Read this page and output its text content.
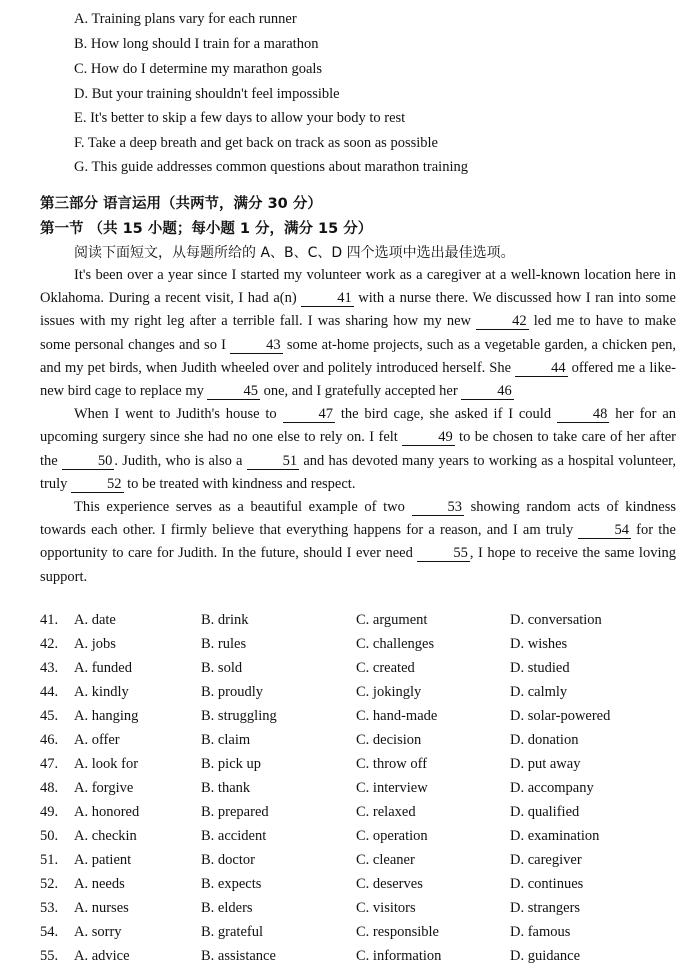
A. Training plans vary for each runner
B. How long should I train for a marathon
C. How do I determine my marathon goals
D. But your training shouldn't feel impossible
E. It's better to skip a few days to allow your body to rest
F. Take a deep breath and get back on track as soon as possible
G. This guide addresses common questions about marathon training
第三部分 语言运用（共两节，满分 30 分）
第一节 （共 15 小题；每小题 1 分，满分 15 分）
阅读下面短文，从每题所给的 A、B、C、D 四个选项中选出最佳选项。

It's been over a year since I started my volunteer work as a caregiver at a well-known location here in Oklahoma. During a recent visit, I had a(n) 41 with a nurse there. We discussed how I ran into some issues with my right leg after a terrible fall. I was sharing how my new 42 led me to have to make some personal changes and so I 43 some at-home projects, such as a vegetable garden, a chicken pen, and my pet birds, when Judith wheeled over and politely introduced herself. She 44 offered me a like-new bird cage to replace my 45 one, and I gratefully accepted her 46

When I went to Judith's house to 47 the bird cage, she asked if I could 48 her for an upcoming surgery since she had no one else to rely on. I felt 49 to be chosen to take care of her after the 50 . Judith, who is also a 51 and has devoted many years to working as a hospital volunteer, truly 52 to be treated with kindness and respect.

This experience serves as a beautiful example of two 53 showing random acts of kindness towards each other. I firmly believe that everything happens for a reason, and I am truly 54 for the opportunity to care for Judith. In the future, should I ever need 55 , I hope to receive the same loving support.

41. A. date	B. drink	C. argument	D. conversation
42. A. jobs	B. rules	C. challenges	D. wishes
43. A. funded	B. sold	C. created	D. studied
44. A. kindly	B. proudly	C. jokingly	D. calmly
45. A. hanging	B. struggling	C. hand-made	D. solar-powered
46. A. offer	B. claim	C. decision	D. donation
47. A. look for	B. pick up	C. throw off	D. put away
48. A. forgive	B. thank	C. interview	D. accompany
49. A. honored	B. prepared	C. relaxed	D. qualified
50. A. checkin	B. accident	C. operation	D. examination
51. A. patient	B. doctor	C. cleaner	D. caregiver
52. A. needs	B. expects	C. deserves	D. continues
53. A. nurses	B. elders	C. visitors	D. strangers
54. A. sorry	B. grateful	C. responsible	D. famous
55. A. advice	B. assistance	C. information	D. guidance
